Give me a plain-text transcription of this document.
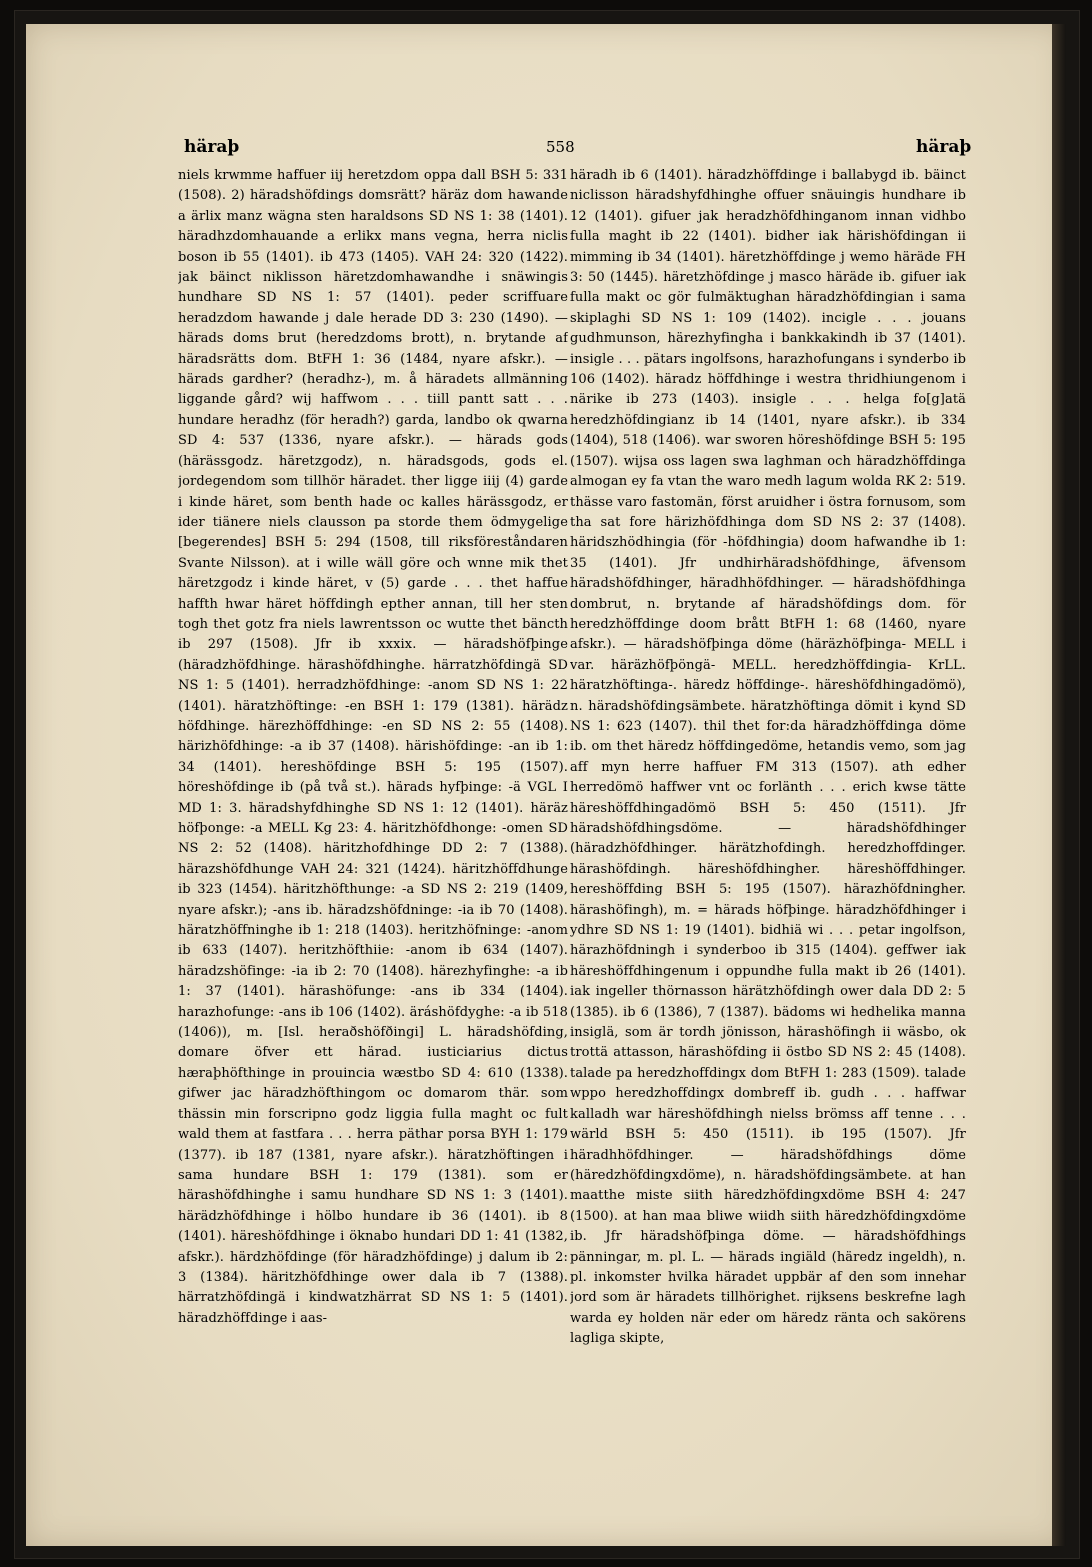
häraþ	558	häraþ
niels krwmme haffuer iij heretzdom oppa dall BSH 5: 331 (1508). 2) häradshöfdings domsrätt? häräz dom hawande a ärlix manz wägna sten haraldsons SD NS 1: 38 (1401). häradhzdomhauande a erlikx mans vegna, herra niclis boson ib 55 (1401). ib 473 (1405). VAH 24: 320 (1422). jak bäinct niklisson häretzdomhawandhe i snäwingis hundhare SD NS 1: 57 (1401). peder scriffuare heradzdom hawande j dale herade DD 3: 230 (1490). — härads doms brut (heredzdoms brott), n. brytande af häradsrätts dom. BtFH 1: 36 (1484, nyare afskr.). — härads gardher? (heradhz-), m. å häradets allmänning liggande gård? wij haffwom . . . tiill pantt satt . . . hundare heradhz (för heradh?) garda, landbo ok qwarna SD 4: 537 (1336, nyare afskr.). — härads gods (härässgodz. häretzgodz), n. häradsgods, gods el. jordegendom som tillhör häradet. ther ligge iiij (4) garde i kinde häret, som benth hade oc kalles härässgodz, er ider tiänere niels clausson pa storde them ödmygelige [begerendes] BSH 5: 294 (1508, till riksföreståndaren Svante Nilsson). at i wille wäll göre och wnne mik thet häretzgodz i kinde häret, v (5) garde . . . thet haffue haffth hwar häret höffdingh epther annan, till her sten togh thet gotz fra niels lawrentsson oc wutte thet bäncth ib 297 (1508). Jfr ib xxxix. — häradshöfþinge (häradzhöfdhinge. härashöfdhinghe. härratzhöfdingä SD NS 1: 5 (1401). herradzhöfdhinge: -anom SD NS 1: 22 (1401). häratzhöftinge: -en BSH 1: 179 (1381). härädz höfdhinge. härezhöffdhinge: -en SD NS 2: 55 (1408). härizhöfdhinge: -a ib 37 (1408). härishöfdinge: -an ib 1: 34 (1401). hereshöfdinge BSH 5: 195 (1507). höreshöfdinge ib (på två st.). härads hyfþinge: -ä VGL I MD 1: 3. häradshyfdhinghe SD NS 1: 12 (1401). häräz höfþonge: -a MELL Kg 23: 4. häritzhöfdhonge: -omen SD NS 2: 52 (1408). häritzhofdhinge DD 2: 7 (1388). härazshöfdhunge VAH 24: 321 (1424). häritzhöffdhunge ib 323 (1454). häritzhöfthunge: -a SD NS 2: 219 (1409, nyare afskr.); -ans ib. häradzshöfdninge: -ia ib 70 (1408). häratzhöffninghe ib 1: 218 (1403). heritzhöfninge: -anom ib 633 (1407). heritzhöfthiie: -anom ib 634 (1407). häradzshöfinge: -ia ib 2: 70 (1408). härezhyfinghe: -a ib 1: 37 (1401). härashöfunge: -ans ib 334 (1404). harazhofunge: -ans ib 106 (1402). äráshöfdyghe: -a ib 518 (1406)), m. [Isl. heraðshöfðingi] L. häradshöfding, domare öfver ett härad. iusticiarius dictus hæraþhöfthinge in prouincia wæstbo SD 4: 610 (1338). gifwer jac häradzhöfthingom oc domarom thär. som thässin min forscripno godz liggia fulla maght oc fult wald them at fastfara . . . herra päthar porsa BYH 1: 179 (1377). ib 187 (1381, nyare afskr.). häratzhöftingen i sama hundare BSH 1: 179 (1381). som er härashöfdhinghe i samu hundhare SD NS 1: 3 (1401). härädzhöfdhinge i hölbo hundare ib 36 (1401). ib 8 (1401). häreshöfdhinge i öknabo hundari DD 1: 41 (1382, afskr.). härdzhöfdinge (för häradzhöfdinge) j dalum ib 2: 3 (1384). häritzhöfdhinge ower dala ib 7 (1388). härratzhöfdingä i kindwatzhärrat SD NS 1: 5 (1401). häradzhöffdinge i aas-
häradh ib 6 (1401). häradzhöffdinge i ballabygd ib. bäinct niclisson häradshyfdhinghe offuer snäuingis hundhare ib 12 (1401). gifuer jak heradzhöfdhinganom innan vidhbo fulla maght ib 22 (1401). bidher iak härishöfdingan ii mimming ib 34 (1401). häretzhöffdinge j wemo häräde FH 3: 50 (1445). häretzhöfdinge j masco häräde ib. gifuer iak fulla makt oc gör fulmäktughan häradzhöfdingian i sama skiplaghi SD NS 1: 109 (1402). incigle . . . jouans gudhmunson, härezhyfingha i bankkakindh ib 37 (1401). insigle . . . pätars ingolfsons, harazhofungans i synderbo ib 106 (1402). häradz höffdhinge i westra thridhiungenom i närike ib 273 (1403). insigle . . . helga fo[g]atä heredzhöfdingianz ib 14 (1401, nyare afskr.). ib 334 (1404), 518 (1406). war sworen höreshöfdinge BSH 5: 195 (1507). wijsa oss lagen swa laghman och häradzhöffdinga almogan ey fa vtan the waro medh lagum wolda RK 2: 519. thässe varo fastomän, först aruidher i östra fornusom, som tha sat fore härizhöfdhinga dom SD NS 2: 37 (1408). häridszhödhingia (för -höfdhingia) doom hafwandhe ib 1: 35 (1401). Jfr undhirhäradshöfdhinge, äfvensom häradshöfdhinger, häradhhöfdhinger. — häradshöfdhinga dombrut, n. brytande af häradshöfdings dom. för heredzhöffdinge doom brått BtFH 1: 68 (1460, nyare afskr.). — häradshöfþinga döme (häräzhöfþinga- MELL i var. häräzhöfþöngä- MELL. heredzhöffdingia- KrLL. häratzhöftinga-. häredz höffdinge-. häreshöfdhingadömö), n. häradshöfdingsämbete. häratzhöftinga dömit i kynd SD NS 1: 623 (1407). thil thet for:da häradzhöffdinga döme ib. om thet häredz höffdingedöme, hetandis vemo, som jag aff myn herre haffuer FM 313 (1507). ath edher herredömö haffwer vnt oc forlänth . . . erich kwse tätte häreshöffdhingadömö BSH 5: 450 (1511). Jfr häradshöfdhingsdöme. — häradshöfdhinger (häradzhöfdhinger. härätzhofdingh. heredzhoffdinger. härashöfdingh. häreshöfdhingher. häreshöffdhinger. hereshöffding BSH 5: 195 (1507). härazhöfdningher. härashöfingh), m. = härads höfþinge. häradzhöfdhinger i ydhre SD NS 1: 19 (1401). bidhiä wi . . . petar ingolfson, härazhöfdningh i synderboo ib 315 (1404). geffwer iak häreshöffdhingenum i oppundhe fulla makt ib 26 (1401). iak ingeller thörnasson härätzhöfdingh ower dala DD 2: 5 (1385). ib 6 (1386), 7 (1387). bädoms wi hedhelika manna insiglä, som är tordh jönisson, härashöfingh ii wäsbo, ok trottä attasson, härashöfding ii östbo SD NS 2: 45 (1408). talade pa heredzhoffdingx dom BtFH 1: 283 (1509). talade wppo heredzhoffdingx dombreff ib. gudh . . . haffwar kalladh war häreshöfdhingh nielss brömss aff tenne . . . wärld BSH 5: 450 (1511). ib 195 (1507). Jfr häradhhöfdhinger. — häradshöfdhings döme (häredzhöfdingxdöme), n. häradshöfdingsämbete. at han maatthe miste siith häredzhöfdingxdöme BSH 4: 247 (1500). at han maa bliwe wiidh siith häredzhöfdingxdöme ib. Jfr häradshöfþinga döme. — häradshöfdhings pänningar, m. pl. L. — härads ingiäld (häredz ingeldh), n. pl. inkomster hvilka häradet uppbär af den som innehar jord som är häradets tillhörighet. rijksens beskrefne lagh warda ey holden när eder om häredz ränta och sakörens lagliga skipte,
